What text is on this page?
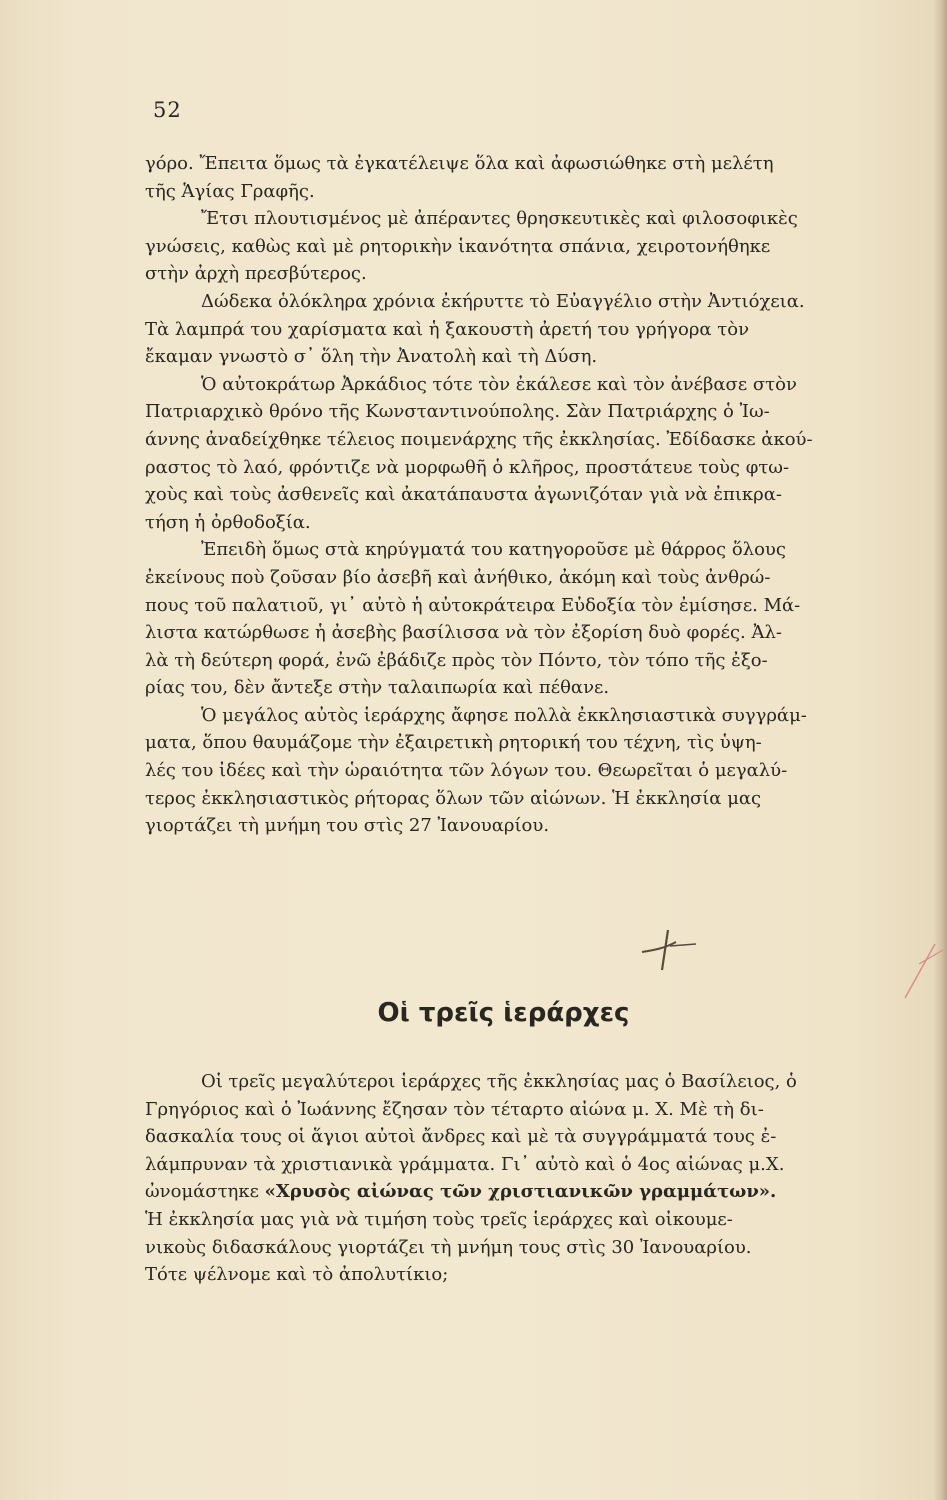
52

γόρο. Ἔπειτα ὅμως τὰ ἐγκατέλειψε ὅλα καὶ ἀφωσιώθηκε στὴ μελέτη
τῆς Ἁγίας Γραφῆς.

Ἔτσι πλουτισμένος μὲ ἀπέραντες θρησκευτικὲς καὶ φιλοσοφικὲς
γνώσεις, καθὼς καὶ μὲ ρητορικὴν ἱκανότητα σπάνια, χειροτονήθηκε
στὴν ἀρχὴ πρεσβύτερος.

Δώδεκα ὁλόκληρα χρόνια ἐκήρυττε τὸ Εὐαγγέλιο στὴν Ἀντιόχεια.
Τὰ λαμπρά του χαρίσματα καὶ ἡ ξακουστὴ ἀρετή του γρήγορα τὸν
ἔκαμαν γνωστὸ σ᾽ ὅλη τὴν Ἀνατολὴ καὶ τὴ Δύση.

Ὁ αὐτοκράτωρ Ἀρκάδιος τότε τὸν ἐκάλεσε καὶ τὸν ἀνέβασε στὸν
Πατριαρχικὸ θρόνο τῆς Κωνσταντινούπολης. Σὰν Πατριάρχης ὁ Ἰω-
άννης ἀναδείχθηκε τέλειος ποιμενάρχης τῆς ἐκκλησίας. Ἐδίδασκε ἀκού-
ραστος τὸ λαό, φρόντιζε νὰ μορφωθῆ ὁ κλῆρος, προστάτευε τοὺς φτω-
χοὺς καὶ τοὺς ἀσθενεῖς καὶ ἀκατάπαυστα ἀγωνιζόταν γιὰ νὰ ἐπικρα-
τήση ἡ ὀρθοδοξία.

Ἐπειδὴ ὅμως στὰ κηρύγματά του κατηγοροῦσε μὲ θάρρος ὅλους
ἐκείνους ποὺ ζοῦσαν βίο ἀσεβῆ καὶ ἀνήθικο, ἀκόμη καὶ τοὺς ἀνθρώ-
πους τοῦ παλατιοῦ, γι᾽ αὐτὸ ἡ αὐτοκράτειρα Εὐδοξία τὸν ἐμίσησε. Μά-
λιστα κατώρθωσε ἡ ἀσεβὴς βασίλισσα νὰ τὸν ἐξορίση δυὸ φορές. Ἀλ-
λὰ τὴ δεύτερη φορά, ἐνῶ ἐβάδιζε πρὸς τὸν Πόντο, τὸν τόπο τῆς ἐξο-
ρίας του, δὲν ἄντεξε στὴν ταλαιπωρία καὶ πέθανε.

Ὁ μεγάλος αὐτὸς ἱεράρχης ἄφησε πολλὰ ἐκκλησιαστικὰ συγγράμ-
ματα, ὅπου θαυμάζομε τὴν ἐξαιρετικὴ ρητορική του τέχνη, τὶς ὑψη-
λές του ἰδέες καὶ τὴν ὡραιότητα τῶν λόγων του. Θεωρεῖται ὁ μεγαλύ-
τερος ἐκκλησιαστικὸς ρήτορας ὅλων τῶν αἰώνων. Ἡ ἐκκλησία μας
γιορτάζει τὴ μνήμη του στὶς 27 Ἰανουαρίου.

Οἱ τρεῖς ἱεράρχες

Οἱ τρεῖς μεγαλύτεροι ἱεράρχες τῆς ἐκκλησίας μας ὁ Βασίλειος, ὁ
Γρηγόριος καὶ ὁ Ἰωάννης ἔζησαν τὸν τέταρτο αἰώνα μ. Χ. Μὲ τὴ δι-
δασκαλία τους οἱ ἅγιοι αὐτοὶ ἄνδρες καὶ μὲ τὰ συγγράμματά τους ἐ-
λάμπρυναν τὰ χριστιανικὰ γράμματα. Γι᾽ αὐτὸ καὶ ὁ 4ος αἰώνας μ.Χ.
ὠνομάστηκε «Χρυσὸς αἰώνας τῶν χριστιανικῶν γραμμάτων».

Ἡ ἐκκλησία μας γιὰ νὰ τιμήση τοὺς τρεῖς ἱεράρχες καὶ οἰκουμε-
νικοὺς διδασκάλους γιορτάζει τὴ μνήμη τους στὶς 30 Ἰανουαρίου.
Τότε ψέλνομε καὶ τὸ ἀπολυτίκιο;
